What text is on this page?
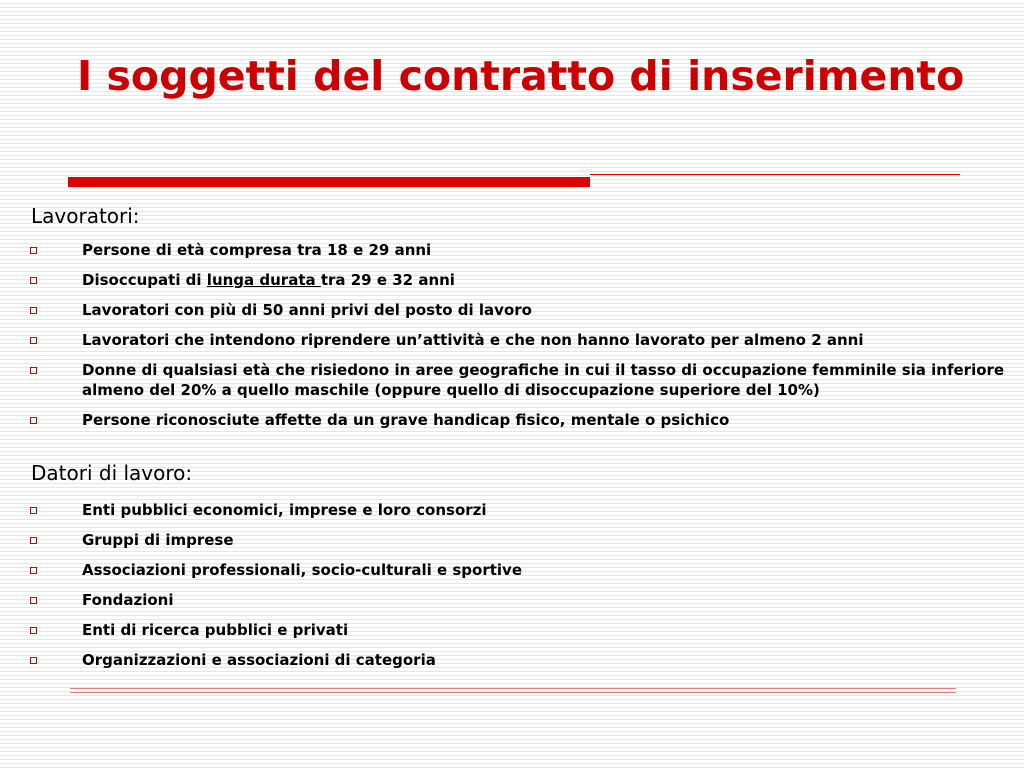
I soggetti del contratto di inserimento
Lavoratori:
Persone di età compresa tra 18 e 29 anni
Disoccupati di lunga durata tra 29 e 32 anni
Lavoratori con più di 50 anni privi del posto di lavoro
Lavoratori che intendono riprendere un’attività e che non hanno lavorato per almeno 2 anni
Donne di qualsiasi età che risiedono in aree geografiche in cui il tasso di occupazione femminile sia inferiore almeno del 20% a quello maschile (oppure quello di disoccupazione superiore del 10%)
Persone riconosciute affette da un grave handicap fisico, mentale o psichico
Datori di lavoro:
Enti pubblici economici, imprese e loro consorzi
Gruppi di imprese
Associazioni professionali, socio-culturali e sportive
Fondazioni
Enti di ricerca pubblici e privati
Organizzazioni e associazioni di categoria
